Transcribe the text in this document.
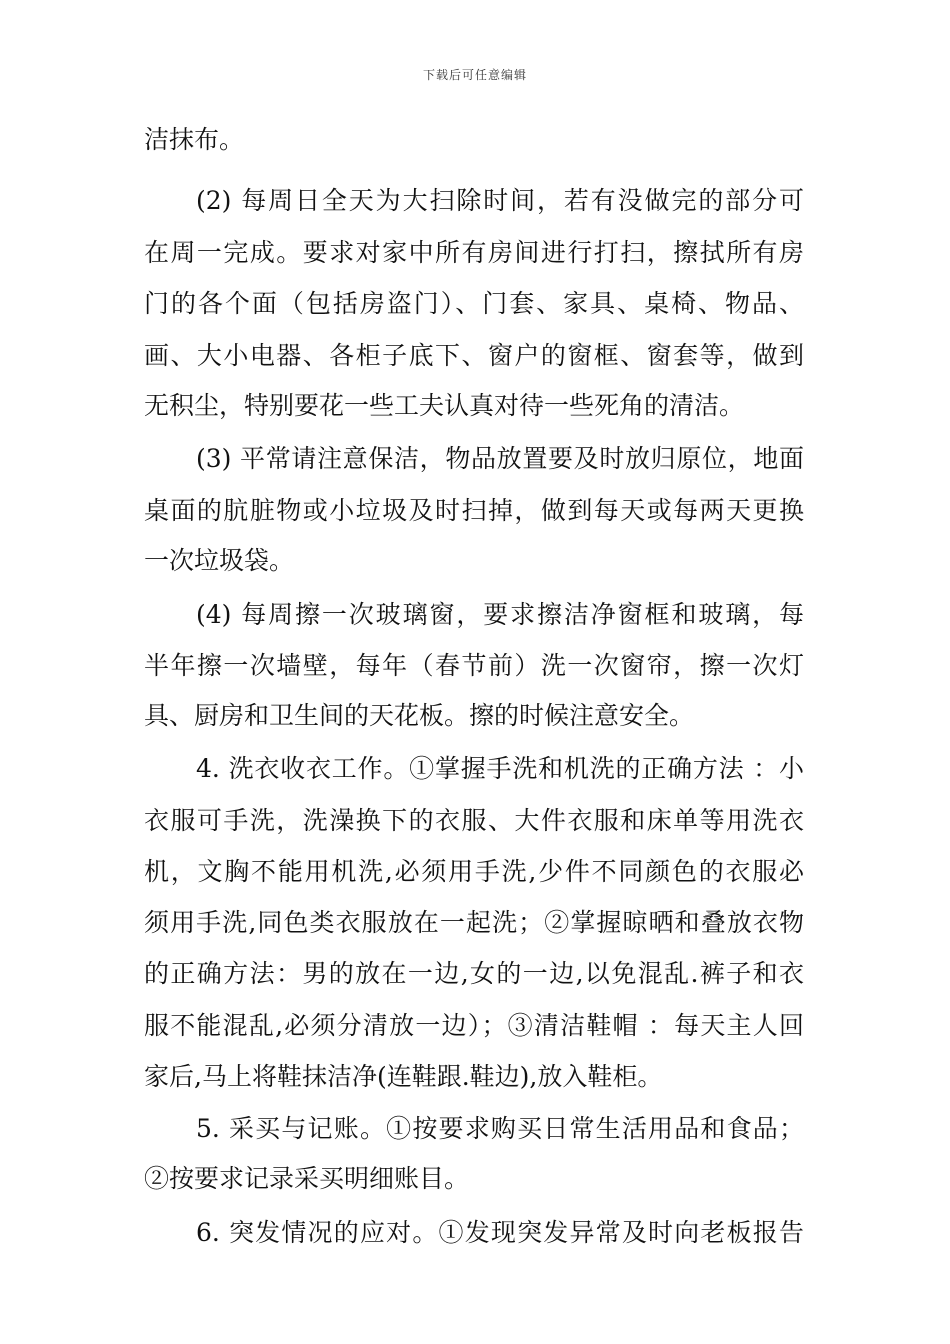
下载后可任意编辑
洁抹布。
(2) 每周日全天为大扫除时间，若有没做完的部分可
在周一完成。要求对家中所有房间进行打扫，擦拭所有房
门的各个面（包括房盗门）、门套、家具、桌椅、物品、
画、大小电器、各柜子底下、窗户的窗框、窗套等，做到
无积尘，特别要花一些工夫认真对待一些死角的清洁。
(3) 平常请注意保洁，物品放置要及时放归原位，地面
桌面的肮脏物或小垃圾及时扫掉，做到每天或每两天更换
一次垃圾袋。
(4) 每周擦一次玻璃窗，要求擦洁净窗框和玻璃，每
半年擦一次墙壁，每年（春节前）洗一次窗帘，擦一次灯
具、厨房和卫生间的天花板。擦的时候注意安全。
4. 洗衣收衣工作。①掌握手洗和机洗的正确方法 ：小
衣服可手洗，洗澡换下的衣服、大件衣服和床单等用洗衣
机，文胸不能用机洗,必须用手洗,少件不同颜色的衣服必
须用手洗,同色类衣服放在一起洗；②掌握晾晒和叠放衣物
的正确方法：男的放在一边,女的一边,以免混乱.裤子和衣
服不能混乱,必须分清放一边）；③清洁鞋帽 ：每天主人回
家后,马上将鞋抹洁净(连鞋跟.鞋边),放入鞋柜。
5. 采买与记账。①按要求购买日常生活用品和食品；
②按要求记录采买明细账目。
6. 突发情况的应对。①发现突发异常及时向老板报告
